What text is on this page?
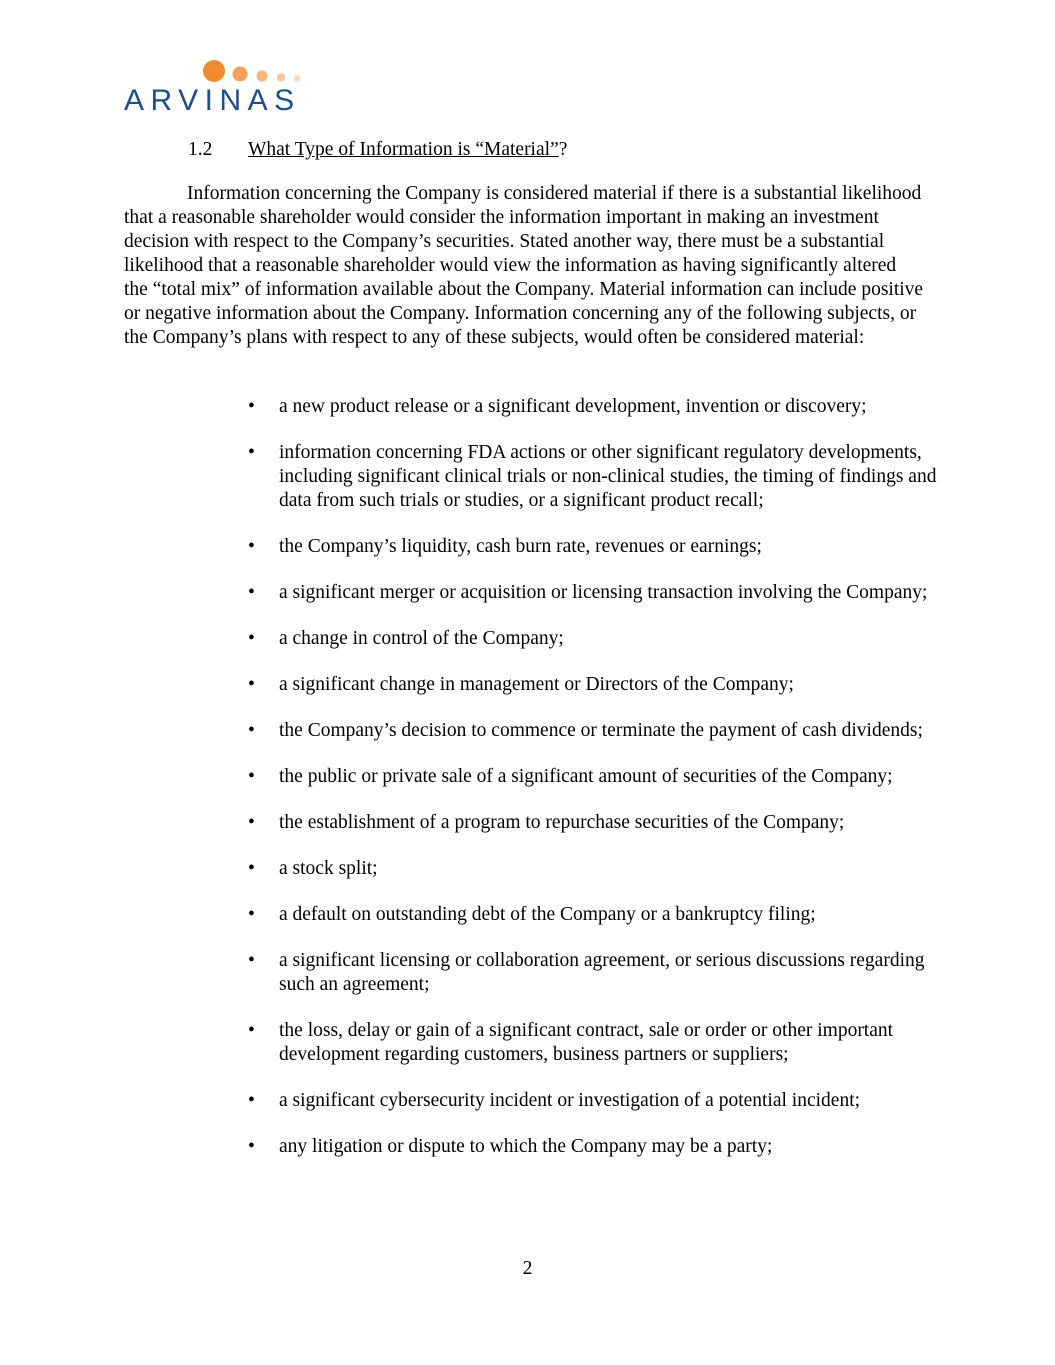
ARVINAS
1.2 What Type of Information is “Material”?

Information concerning the Company is considered material if there is a substantial likelihood that a reasonable shareholder would consider the information important in making an investment decision with respect to the Company’s securities. Stated another way, there must be a substantial likelihood that a reasonable shareholder would view the information as having significantly altered the “total mix” of information available about the Company. Material information can include positive or negative information about the Company. Information concerning any of the following subjects, or the Company’s plans with respect to any of these subjects, would often be considered material:

• a new product release or a significant development, invention or discovery;
• information concerning FDA actions or other significant regulatory developments, including significant clinical trials or non-clinical studies, the timing of findings and data from such trials or studies, or a significant product recall;
• the Company’s liquidity, cash burn rate, revenues or earnings;
• a significant merger or acquisition or licensing transaction involving the Company;
• a change in control of the Company;
• a significant change in management or Directors of the Company;
• the Company’s decision to commence or terminate the payment of cash dividends;
• the public or private sale of a significant amount of securities of the Company;
• the establishment of a program to repurchase securities of the Company;
• a stock split;
• a default on outstanding debt of the Company or a bankruptcy filing;
• a significant licensing or collaboration agreement, or serious discussions regarding such an agreement;
• the loss, delay or gain of a significant contract, sale or order or other important development regarding customers, business partners or suppliers;
• a significant cybersecurity incident or investigation of a potential incident;
• any litigation or dispute to which the Company may be a party;
2
